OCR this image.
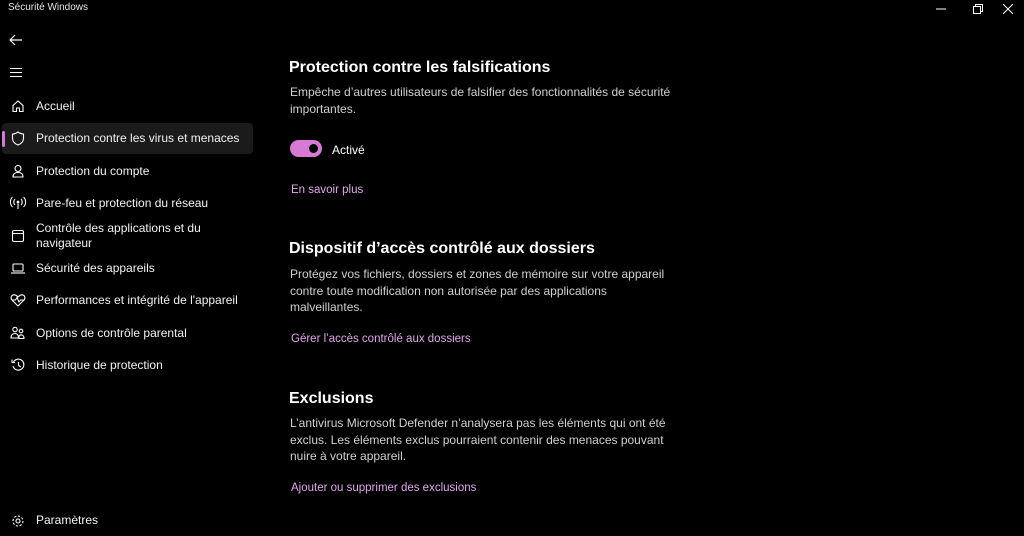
Sécurité Windows
Accueil
Protection contre les virus et menaces
Protection du compte
Pare-feu et protection du réseau
Contrôle des applications et du navigateur
Sécurité des appareils
Performances et intégrité de l'appareil
Options de contrôle parental
Historique de protection
Paramètres
Protection contre les falsifications
Empêche d’autres utilisateurs de falsifier des fonctionnalités de sécurité importantes.
Activé
En savoir plus
Dispositif d’accès contrôlé aux dossiers
Protégez vos fichiers, dossiers et zones de mémoire sur votre appareil contre toute modification non autorisée par des applications malveillantes.
Gérer l’accès contrôlé aux dossiers
Exclusions
L’antivirus Microsoft Defender n’analysera pas les éléments qui ont été exclus. Les éléments exclus pourraient contenir des menaces pouvant nuire à votre appareil.
Ajouter ou supprimer des exclusions
